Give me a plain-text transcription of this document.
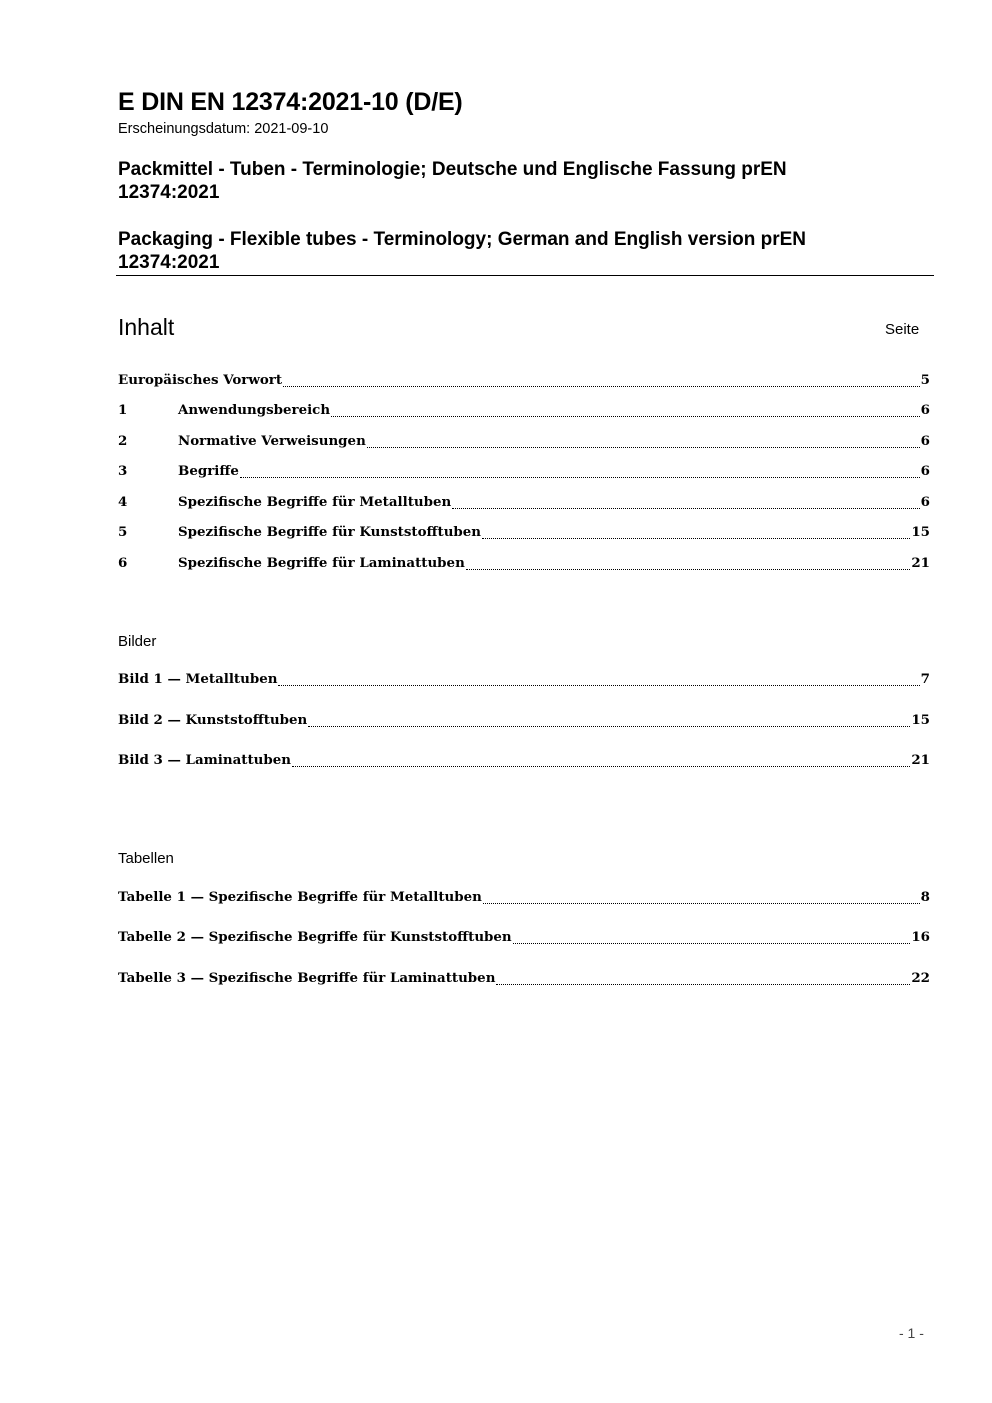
E DIN EN 12374:2021-10 (D/E)
Erscheinungsdatum: 2021-09-10
Packmittel - Tuben - Terminologie; Deutsche und Englische Fassung prEN 12374:2021
Packaging - Flexible tubes - Terminology; German and English version prEN 12374:2021
Inhalt	Seite
Europäisches Vorwort	5
1	Anwendungsbereich	6
2	Normative Verweisungen	6
3	Begriffe	6
4	Spezifische Begriffe für Metalltuben	6
5	Spezifische Begriffe für Kunststofftuben	15
6	Spezifische Begriffe für Laminattuben	21
Bilder
Bild 1 — Metalltuben	7
Bild 2 — Kunststofftuben	15
Bild 3 — Laminattuben	21
Tabellen
Tabelle 1 — Spezifische Begriffe für Metalltuben	8
Tabelle 2 — Spezifische Begriffe für Kunststofftuben	16
Tabelle 3 — Spezifische Begriffe für Laminattuben	22
- 1 -
